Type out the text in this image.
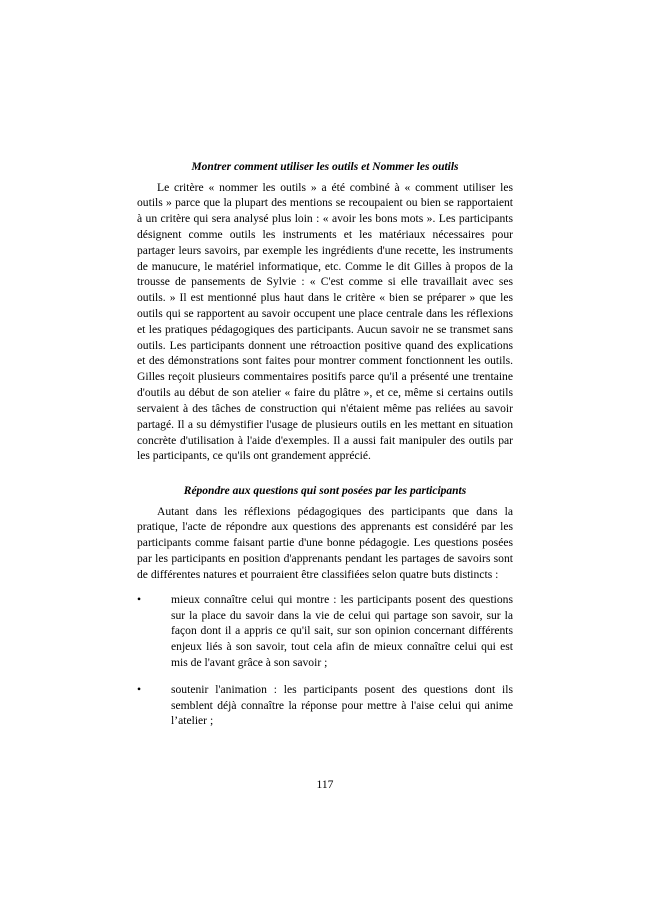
Montrer comment utiliser les outils et Nommer les outils

Le critère « nommer les outils » a été combiné à « comment utiliser les outils » parce que la plupart des mentions se recoupaient ou bien se rapportaient à un critère qui sera analysé plus loin : « avoir les bons mots ». Les participants désignent comme outils les instruments et les matériaux nécessaires pour partager leurs savoirs, par exemple les ingrédients d'une recette, les instruments de manucure, le matériel informatique, etc. Comme le dit Gilles à propos de la trousse de pansements de Sylvie : « C'est comme si elle travaillait avec ses outils. » Il est mentionné plus haut dans le critère « bien se préparer » que les outils qui se rapportent au savoir occupent une place centrale dans les réflexions et les pratiques pédagogiques des participants. Aucun savoir ne se transmet sans outils. Les participants donnent une rétroaction positive quand des explications et des démonstrations sont faites pour montrer comment fonctionnent les outils. Gilles reçoit plusieurs commentaires positifs parce qu'il a présenté une trentaine d'outils au début de son atelier « faire du plâtre », et ce, même si certains outils servaient à des tâches de construction qui n'étaient même pas reliées au savoir partagé. Il a su démystifier l'usage de plusieurs outils en les mettant en situation concrète d'utilisation à l'aide d'exemples. Il a aussi fait manipuler des outils par les participants, ce qu'ils ont grandement apprécié.

Répondre aux questions qui sont posées par les participants

Autant dans les réflexions pédagogiques des participants que dans la pratique, l'acte de répondre aux questions des apprenants est considéré par les participants comme faisant partie d'une bonne pédagogie. Les questions posées par les participants en position d'apprenants pendant les partages de savoirs sont de différentes natures et pourraient être classifiées selon quatre buts distincts :

•	mieux connaître celui qui montre : les participants posent des questions sur la place du savoir dans la vie de celui qui partage son savoir, sur la façon dont il a appris ce qu'il sait, sur son opinion concernant différents enjeux liés à son savoir, tout cela afin de mieux connaître celui qui est mis de l'avant grâce à son savoir ;
•	soutenir l'animation : les participants posent des questions dont ils semblent déjà connaître la réponse pour mettre à l'aise celui qui anime l’atelier ;
117
